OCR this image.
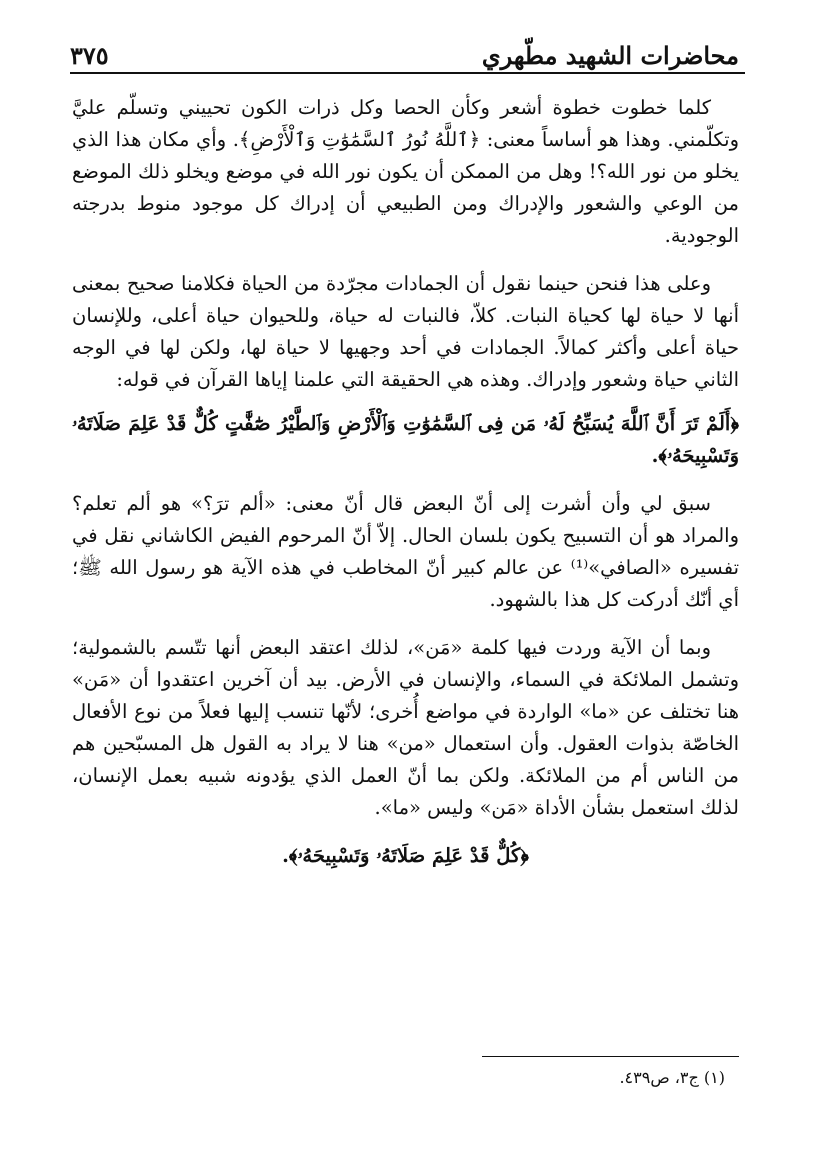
محاضرات الشهيد مطّهري
٣٧٥

كلما خطوت خطوة أشعر وكأن الحصا وكل ذرات الكون تحييني وتسلّم عليَّ وتكلّمني. وهذا هو أساساً معنى: ﴿ٱللَّهُ نُورُ ٱلسَّمَٰوَٰتِ وَٱلْأَرْضِ﴾. وأي مكان هذا الذي يخلو من نور الله؟! وهل من الممكن أن يكون نور الله في موضع ويخلو ذلك الموضع من الوعي والشعور والإدراك ومن الطبيعي أن إدراك كل موجود منوط بدرجته الوجودية.

وعلى هذا فنحن حينما نقول أن الجمادات مجرّدة من الحياة فكلامنا صحيح بمعنى أنها لا حياة لها كحياة النبات. كلاّ، فالنبات له حياة، وللحيوان حياة أعلى، وللإنسان حياة أعلى وأكثر كمالاً. الجمادات في أحد وجهيها لا حياة لها، ولكن لها في الوجه الثاني حياة وشعور وإدراك. وهذه هي الحقيقة التي علمنا إياها القرآن في قوله:

﴿أَلَمْ تَرَ أَنَّ ٱللَّهَ يُسَبِّحُ لَهُۥ مَن فِى ٱلسَّمَٰوَٰتِ وَٱلْأَرْضِ وَٱلطَّيْرُ صَٰٓفَّٰتٍ كُلٌّ قَدْ عَلِمَ صَلَاتَهُۥ وَتَسْبِيحَهُۥ﴾.

سبق لي وأن أشرت إلى أنّ البعض قال أنّ معنى: «ألم ترَ؟» هو ألم تعلم؟ والمراد هو أن التسبيح يكون بلسان الحال. إلاّ أنّ المرحوم الفيض الكاشاني نقل في تفسيره «الصافي»⁽¹⁾ عن عالم كبير أنّ المخاطب في هذه الآية هو رسول الله ﷺ؛ أي أنّك أدركت كل هذا بالشهود.

وبما أن الآية وردت فيها كلمة «مَن»، لذلك اعتقد البعض أنها تتّسم بالشمولية؛ وتشمل الملائكة في السماء، والإنسان في الأرض. بيد أن آخرين اعتقدوا أن «مَن» هنا تختلف عن «ما» الواردة في مواضع أُخرى؛ لأنّها تنسب إليها فعلاً من نوع الأفعال الخاصّة بذوات العقول. وأن استعمال «من» هنا لا يراد به القول هل المسبّحين هم من الناس أم من الملائكة. ولكن بما أنّ العمل الذي يؤدونه شبيه بعمل الإنسان، لذلك استعمل بشأن الأداة «مَن» وليس «ما».

﴿كُلٌّ قَدْ عَلِمَ صَلَاتَهُۥ وَتَسْبِيحَهُۥ﴾.

(١) ج٣، ص٤٣٩.
